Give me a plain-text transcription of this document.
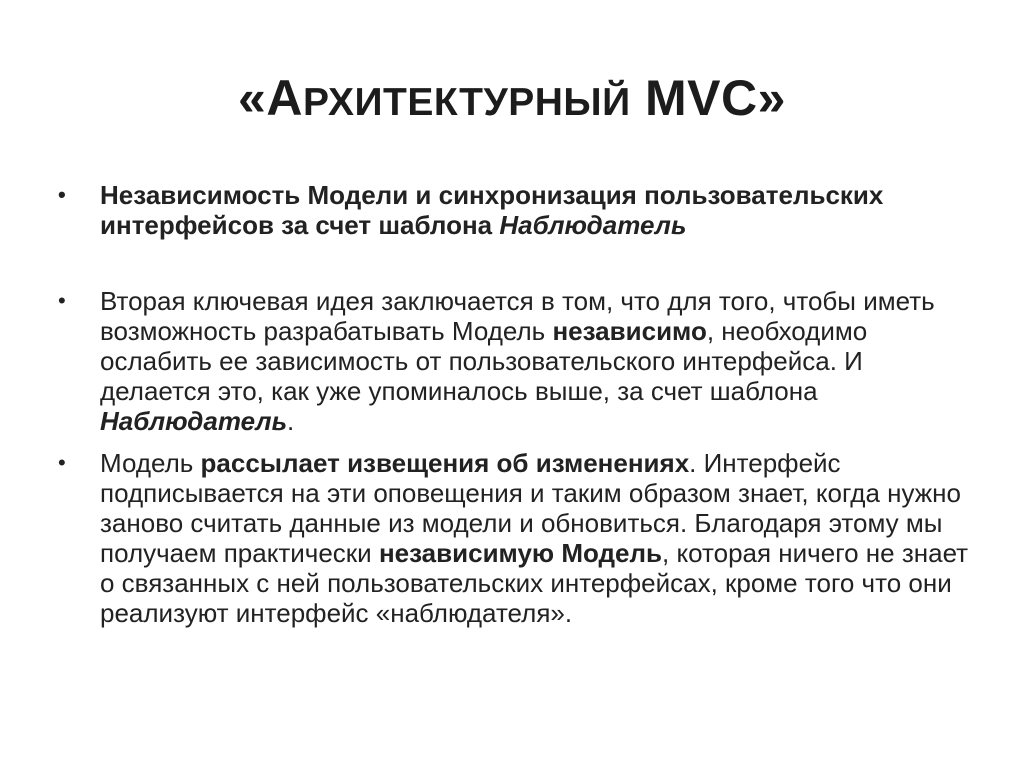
«АРХИТЕКТУРНЫЙ MVC»
•	Независимость Модели и синхронизация пользовательских интерфейсов за счет шаблона Наблюдатель
•	Вторая ключевая идея заключается в том, что для того, чтобы иметь возможность разрабатывать Модель независимо, необходимо ослабить ее зависимость от пользовательского интерфейса. И делается это, как уже упоминалось выше, за счет шаблона Наблюдатель.
•	Модель рассылает извещения об изменениях. Интерфейс подписывается на эти оповещения и таким образом знает, когда нужно заново считать данные из модели и обновиться. Благодаря этому мы получаем практически независимую Модель, которая ничего не знает о связанных с ней пользовательских интерфейсах, кроме того что они реализуют интерфейс «наблюдателя».
